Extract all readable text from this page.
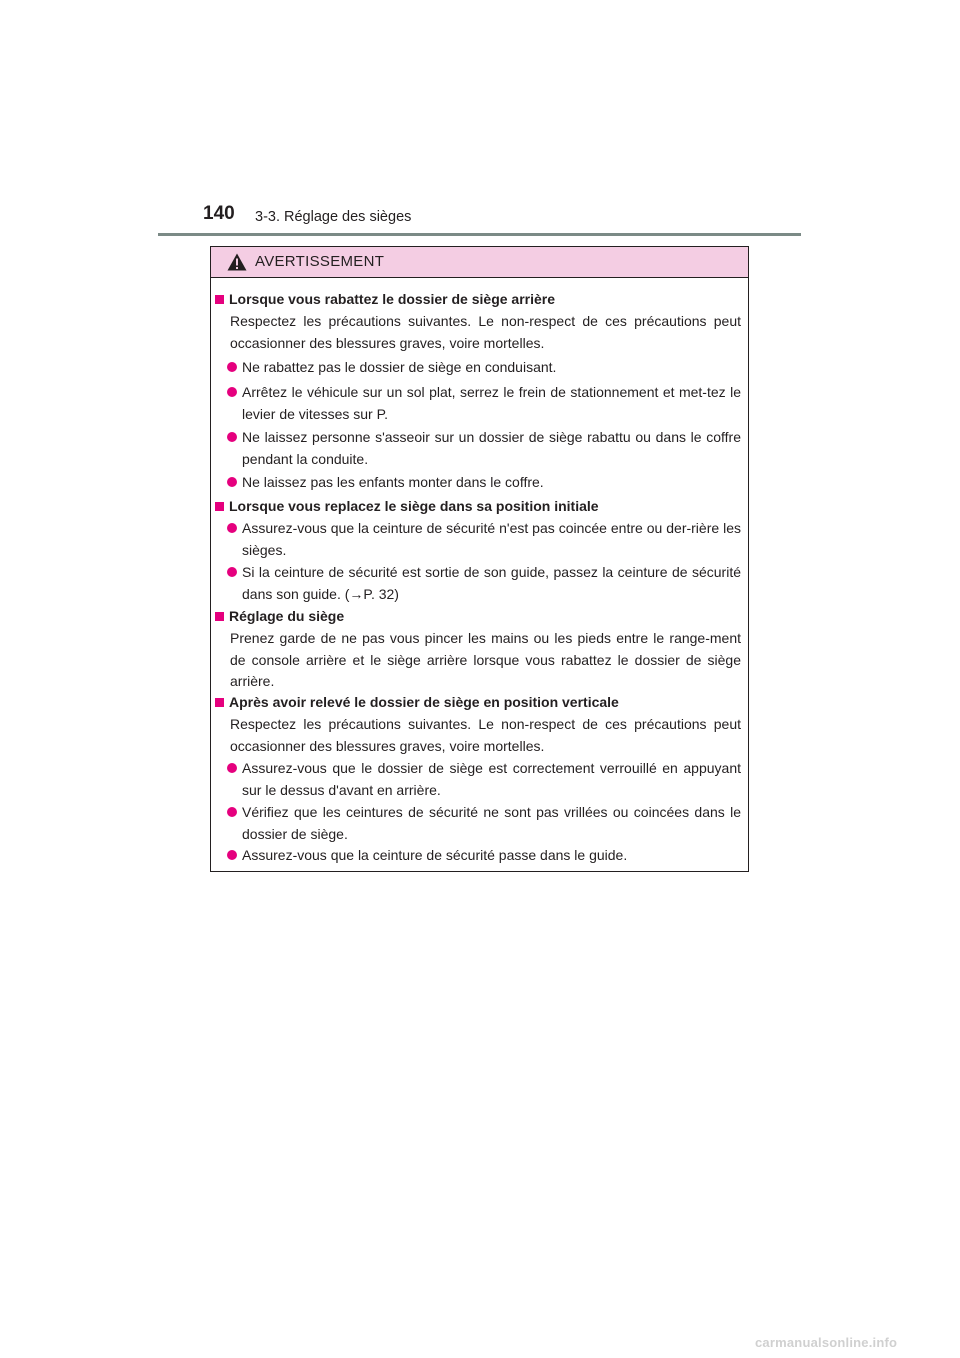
140 3-3. Réglage des sièges
AVERTISSEMENT
Lorsque vous rabattez le dossier de siège arrière
Respectez les précautions suivantes. Le non-respect de ces précautions peut occasionner des blessures graves, voire mortelles.
Ne rabattez pas le dossier de siège en conduisant.
Arrêtez le véhicule sur un sol plat, serrez le frein de stationnement et met-tez le levier de vitesses sur P.
Ne laissez personne s'asseoir sur un dossier de siège rabattu ou dans le coffre pendant la conduite.
Ne laissez pas les enfants monter dans le coffre.
Lorsque vous replacez le siège dans sa position initiale
Assurez-vous que la ceinture de sécurité n'est pas coincée entre ou der-rière les sièges.
Si la ceinture de sécurité est sortie de son guide, passez la ceinture de sécurité dans son guide. (→P. 32)
Réglage du siège
Prenez garde de ne pas vous pincer les mains ou les pieds entre le range-ment de console arrière et le siège arrière lorsque vous rabattez le dossier de siège arrière.
Après avoir relevé le dossier de siège en position verticale
Respectez les précautions suivantes. Le non-respect de ces précautions peut occasionner des blessures graves, voire mortelles.
Assurez-vous que le dossier de siège est correctement verrouillé en appuyant sur le dessus d'avant en arrière.
Vérifiez que les ceintures de sécurité ne sont pas vrillées ou coincées dans le dossier de siège.
Assurez-vous que la ceinture de sécurité passe dans le guide.
carmanualsonline.info
